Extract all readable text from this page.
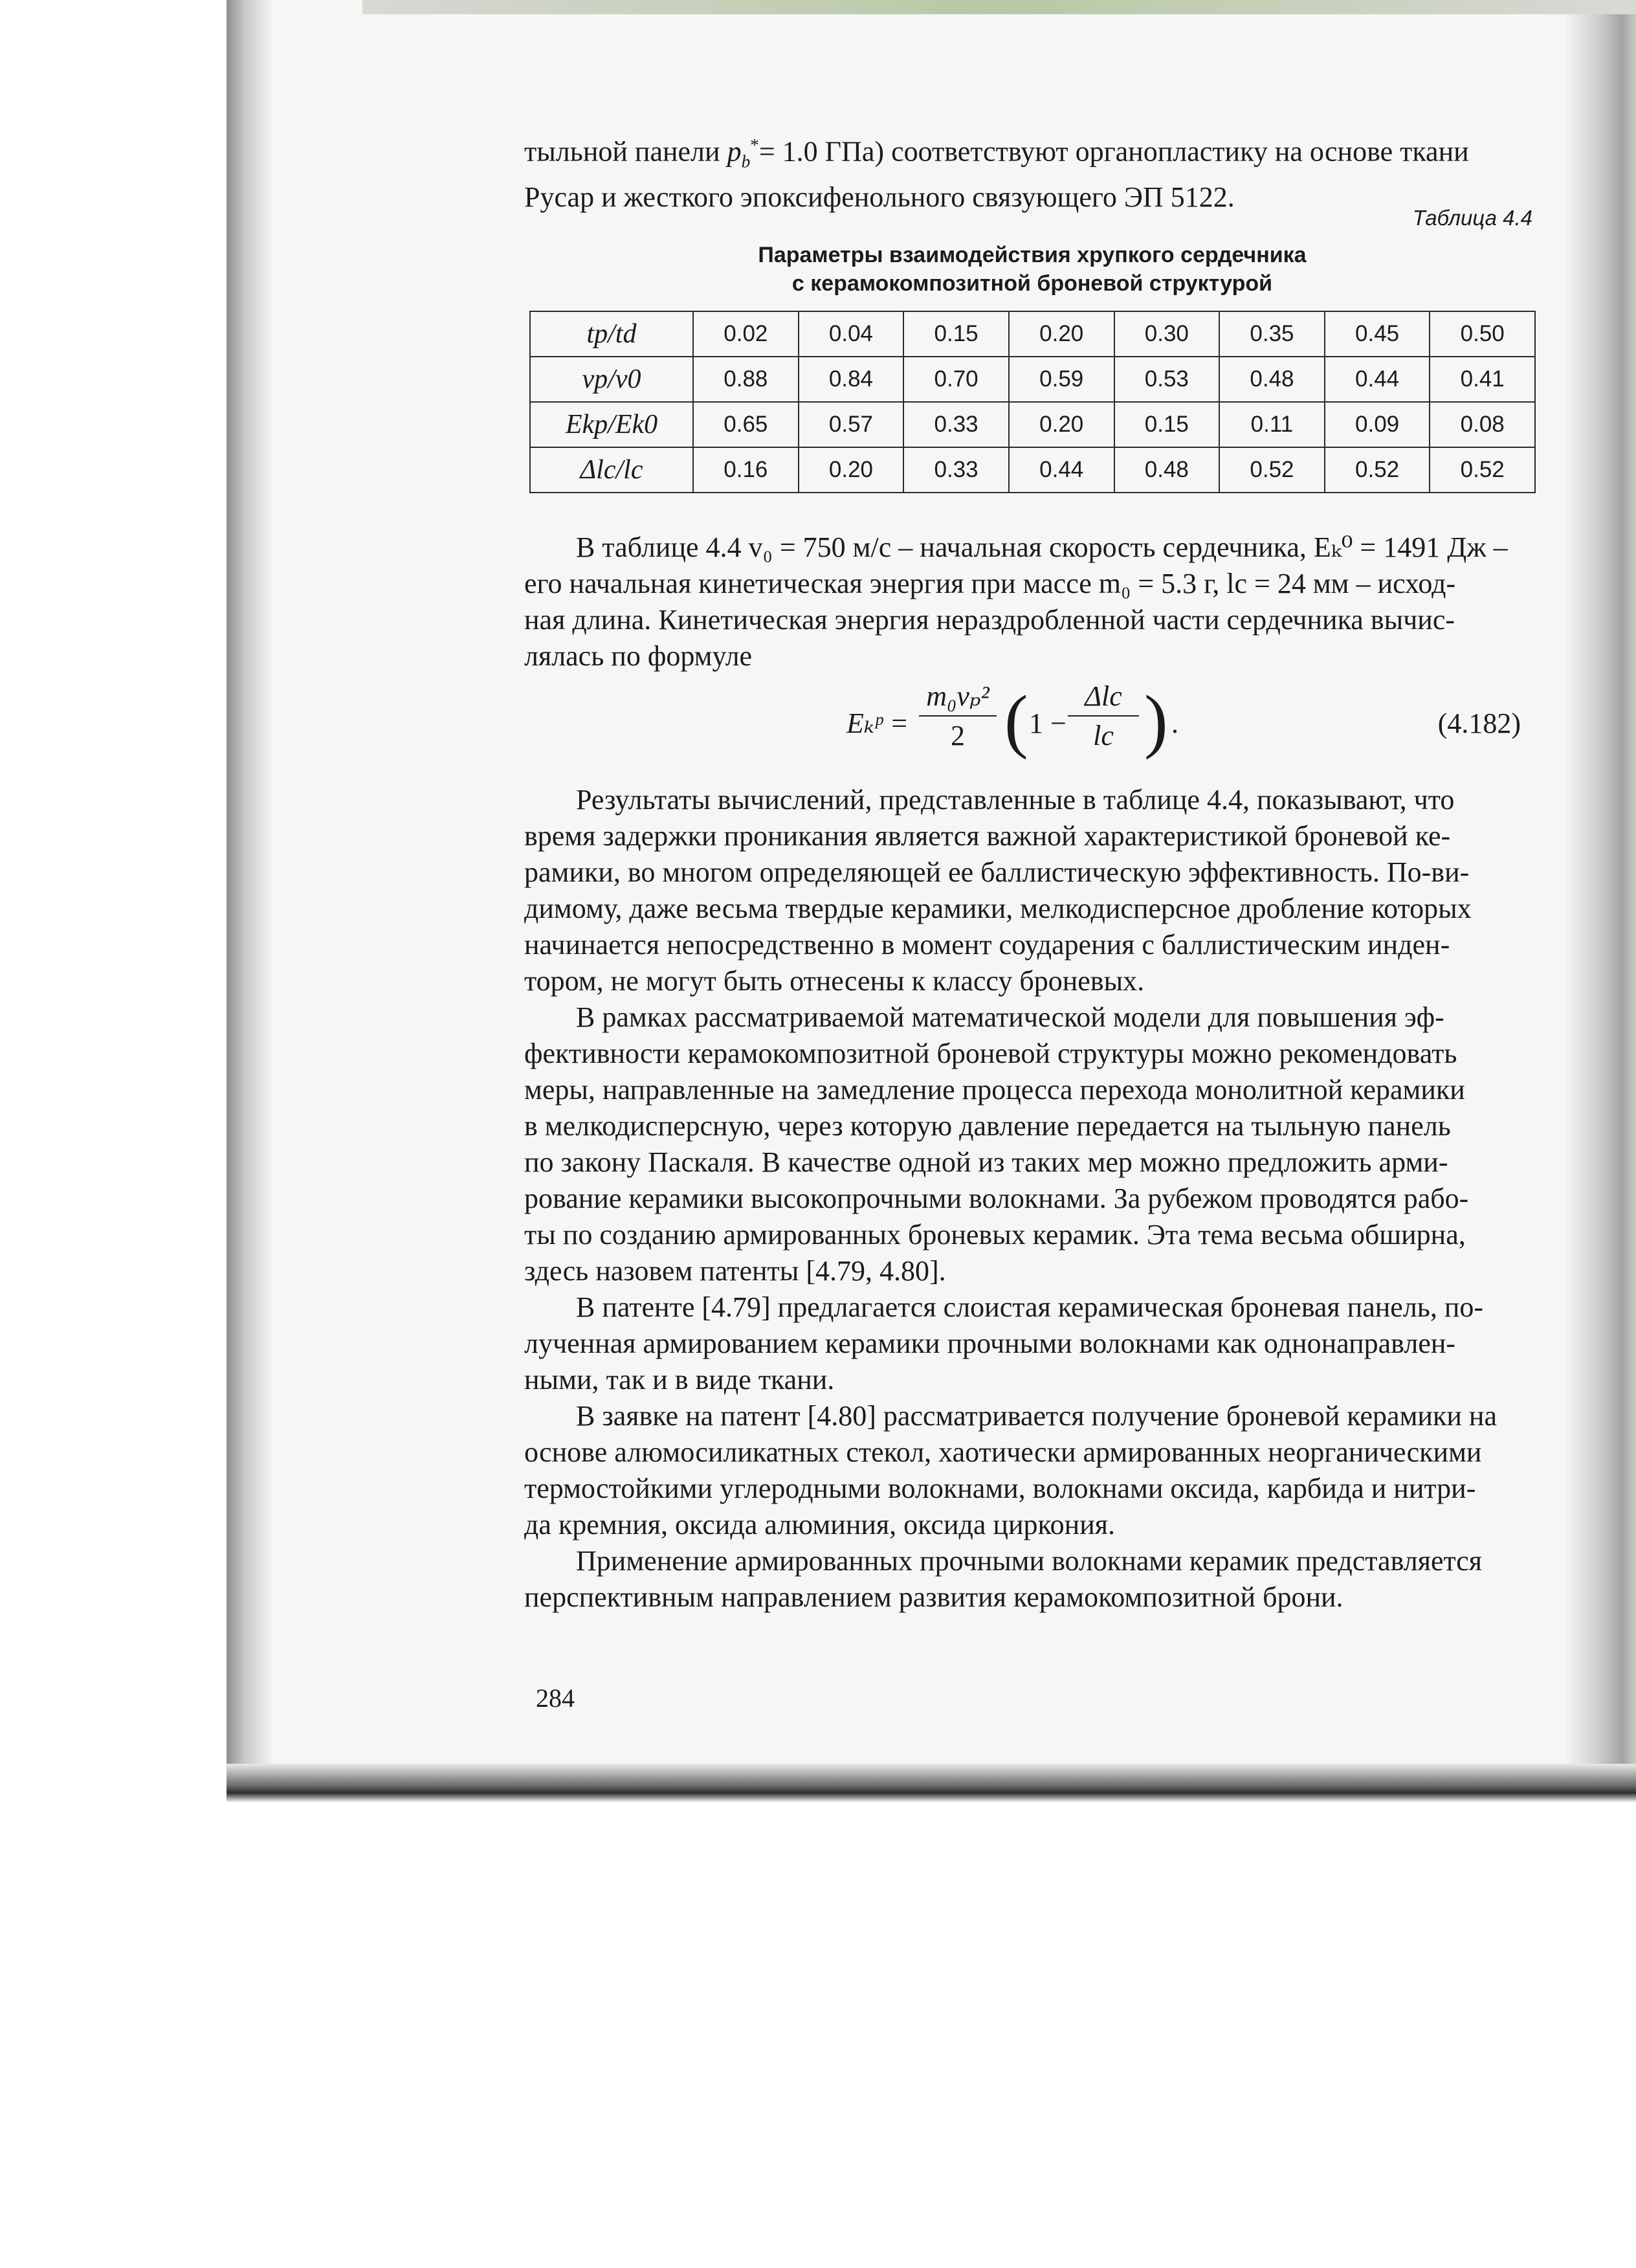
тыльной панели $p_b^*= 1.0$ ГПа) соответствуют органопластику на основе ткани
Русар и жесткого эпоксифенольного связующего ЭП 5122.
Таблица 4.4
Параметры взаимодействия хрупкого сердечника
с керамокомпозитной броневой структурой
tp/td	0.02	0.04	0.15	0.20	0.30	0.35	0.45	0.50
vp/v0	0.88	0.84	0.70	0.59	0.53	0.48	0.44	0.41
Ekp/Ek0	0.65	0.57	0.33	0.20	0.15	0.11	0.09	0.08
Δlc/lc	0.16	0.20	0.33	0.44	0.48	0.52	0.52	0.52
В таблице 4.4 v₀ = 750 м/с – начальная скорость сердечника, Eₖ⁰ = 1491 Дж –
его начальная кинетическая энергия при массе m₀ = 5.3 г, lc = 24 мм – исход-
ная длина. Кинетическая энергия нераздробленной части сердечника вычис-
лялась по формуле
Eₖᵖ =
m₀vₚ²
2 ( 1 −
Δlc
lc ) .	(4.182)
Результаты вычислений, представленные в таблице 4.4, показывают, что
время задержки проникания является важной характеристикой броневой ке-
рамики, во многом определяющей ее баллистическую эффективность. По-ви-
димому, даже весьма твердые керамики, мелкодисперсное дробление которых
начинается непосредственно в момент соударения с баллистическим инден-
тором, не могут быть отнесены к классу броневых.
В рамках рассматриваемой математической модели для повышения эф-
фективности керамокомпозитной броневой структуры можно рекомендовать
меры, направленные на замедление процесса перехода монолитной керамики
в мелкодисперсную, через которую давление передается на тыльную панель
по закону Паскаля. В качестве одной из таких мер можно предложить арми-
рование керамики высокопрочными волокнами. За рубежом проводятся рабо-
ты по созданию армированных броневых керамик. Эта тема весьма обширна,
здесь назовем патенты [4.79, 4.80].
В патенте [4.79] предлагается слоистая керамическая броневая панель, по-
лученная армированием керамики прочными волокнами как однонаправлен-
ными, так и в виде ткани.
В заявке на патент [4.80] рассматривается получение броневой керамики на
основе алюмосиликатных стекол, хаотически армированных неорганическими
термостойкими углеродными волокнами, волокнами оксида, карбида и нитри-
да кремния, оксида алюминия, оксида циркония.
Применение армированных прочными волокнами керамик представляется
перспективным направлением развития керамокомпозитной брони.
284
